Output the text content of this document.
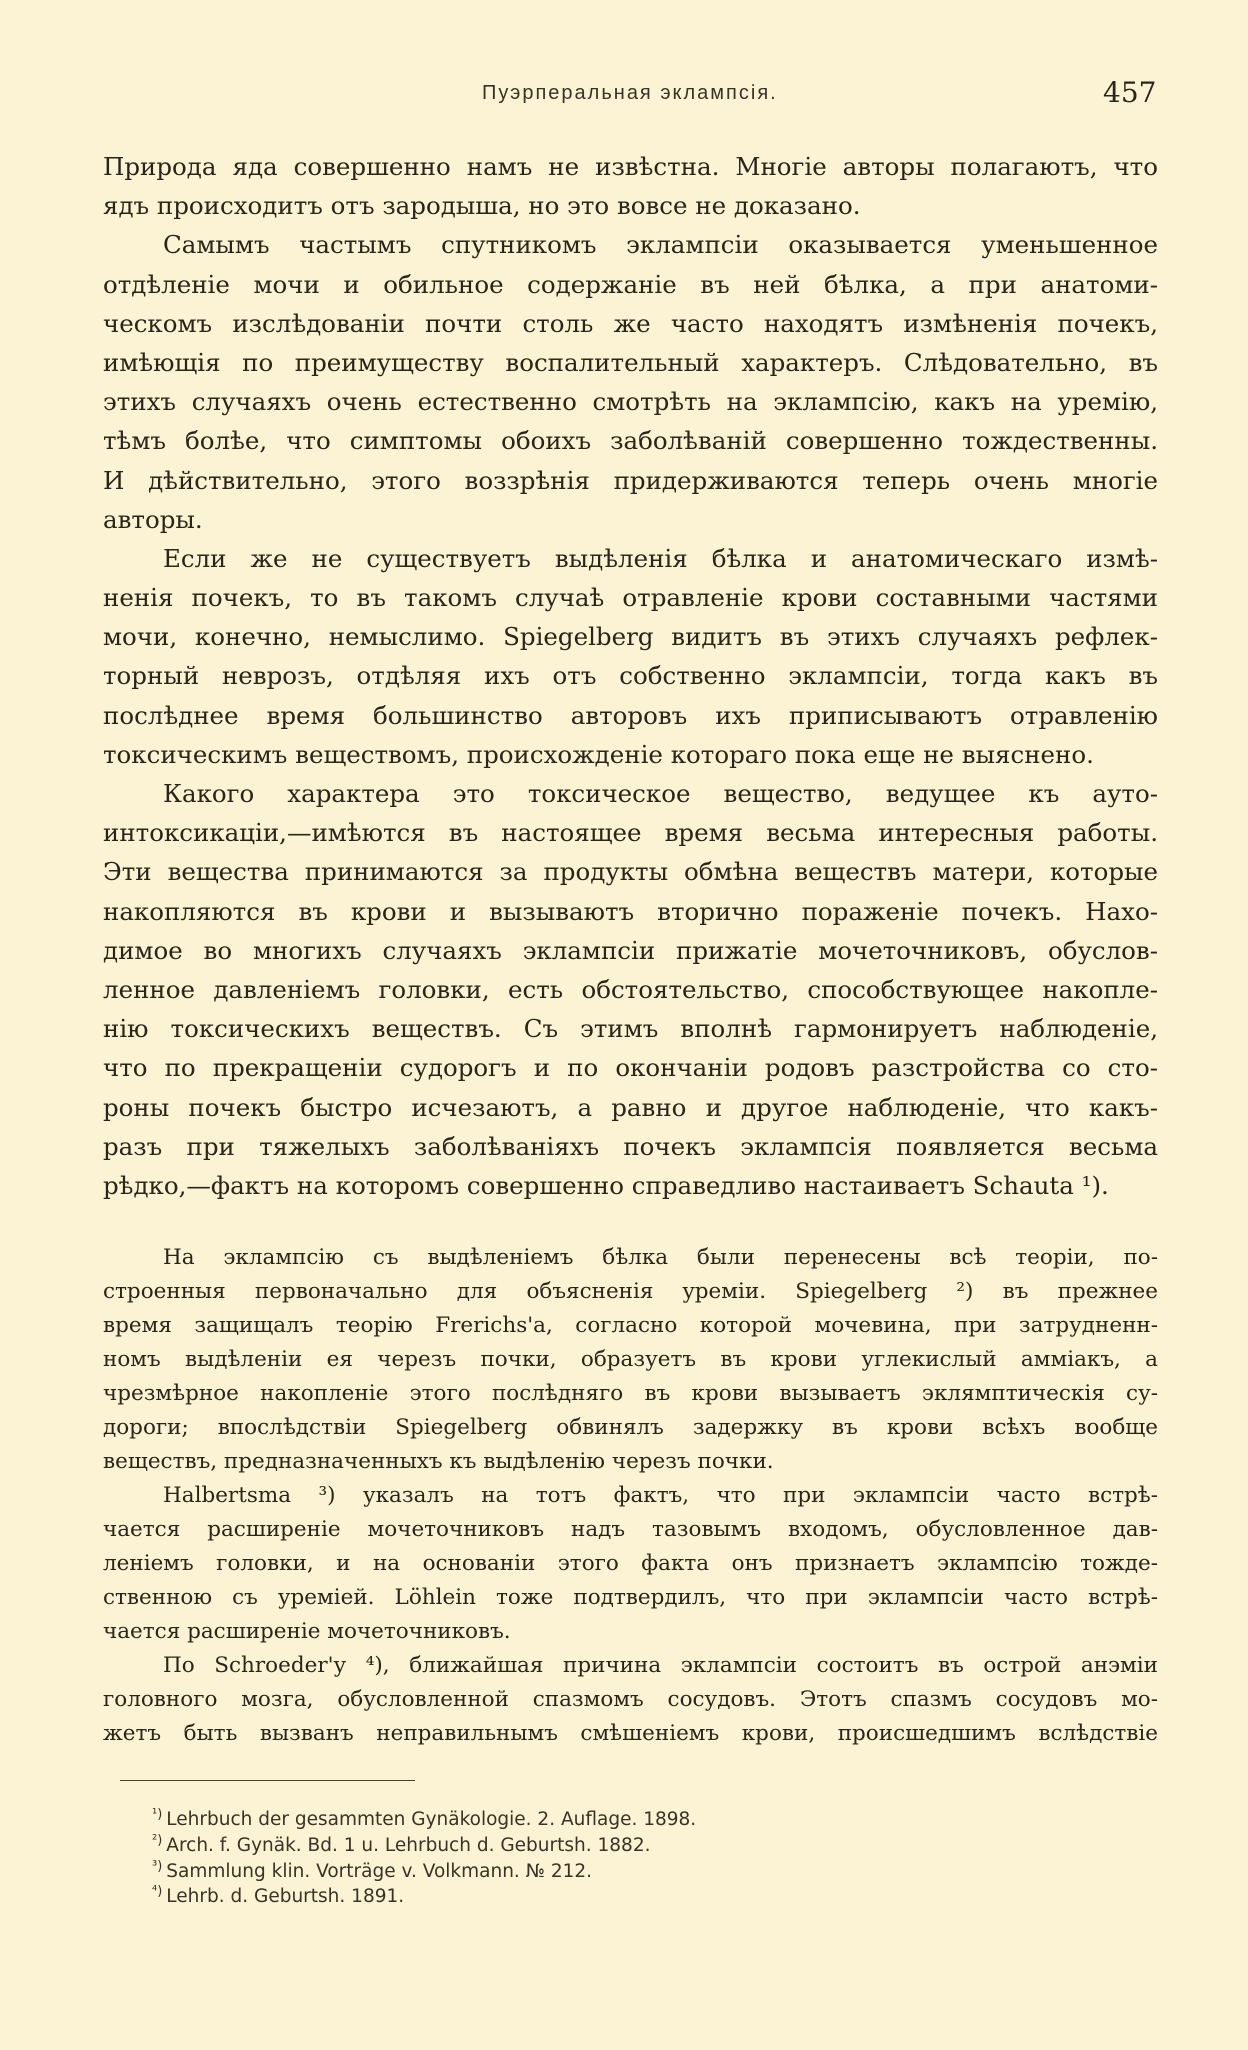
Пуэрперальная эклампсія.	457
Природа яда совершенно намъ не извѣстна. Многіе авторы полагаютъ, что
ядъ происходитъ отъ зародыша, но это вовсе не доказано.
Самымъ частымъ спутникомъ эклампсіи оказывается уменьшенное
отдѣленіе мочи и обильное содержаніе въ ней бѣлка, а при анатоми-
ческомъ изслѣдованіи почти столь же часто находятъ измѣненія почекъ,
имѣющія по преимуществу воспалительный характеръ. Слѣдовательно, въ
этихъ случаяхъ очень естественно смотрѣть на эклампсію, какъ на уремію,
тѣмъ болѣе, что симптомы обоихъ заболѣваній совершенно тождественны.
И дѣйствительно, этого воззрѣнія придерживаются теперь очень многіе
авторы.
Если же не существуетъ выдѣленія бѣлка и анатомическаго измѣ-
ненія почекъ, то въ такомъ случаѣ отравленіе крови составными частями
мочи, конечно, немыслимо. Spiegelberg видитъ въ этихъ случаяхъ рефлек-
торный неврозъ, отдѣляя ихъ отъ собственно эклампсіи, тогда какъ въ
послѣднее время большинство авторовъ ихъ приписываютъ отравленію
токсическимъ веществомъ, происхожденіе котораго пока еще не выяснено.
Какого характера это токсическое вещество, ведущее къ ауто-
интоксикаціи,—имѣются въ настоящее время весьма интересныя работы.
Эти вещества принимаются за продукты обмѣна веществъ матери, которые
накопляются въ крови и вызываютъ вторично пораженіе почекъ. Нахо-
димое во многихъ случаяхъ эклампсіи прижатіе мочеточниковъ, обуслов-
ленное давленіемъ головки, есть обстоятельство, способствующее накопле-
нію токсическихъ веществъ. Съ этимъ вполнѣ гармонируетъ наблюденіе,
что по прекращеніи судорогъ и по окончаніи родовъ разстройства со сто-
роны почекъ быстро исчезаютъ, а равно и другое наблюденіе, что какъ-
разъ при тяжелыхъ заболѣваніяхъ почекъ эклампсія появляется весьма
рѣдко,—фактъ на которомъ совершенно справедливо настаиваетъ Schauta ¹).
На эклампсію съ выдѣленіемъ бѣлка были перенесены всѣ теоріи, по-
строенныя первоначально для объясненія ypeміи. Spiegelberg ²) въ прежнее
время защищалъ теорію Frerichs'а, согласно которой мочевина, при затрудненн-
номъ выдѣленіи ея черезъ почки, образуетъ въ крови углекислый амміакъ, а
чрезмѣрное накопленіе этого послѣдняго въ крови вызываетъ эклямптическія су-
дороги; впослѣдствіи Spiegelberg обвинялъ задержку въ крови всѣхъ вообще
веществъ, предназначенныхъ къ выдѣленію черезъ почки.
Halbertsma ³) указалъ на тотъ фактъ, что при эклампсіи часто встрѣ-
чается расширеніе мочеточниковъ надъ тазовымъ входомъ, обусловленное дав-
леніемъ головки, и на основаніи этого факта онъ признаетъ эклампсію тожде-
ственною съ уреміей. Löhlein тоже подтвердилъ, что при эклампсіи часто встрѣ-
чается расширеніе мочеточниковъ.
По Schroeder'у ⁴), ближайшая причина эклампсіи состоитъ въ острой анэміи
головного мозга, обусловленной спазмомъ сосудовъ. Этотъ спазмъ сосудовъ мо-
жетъ быть вызванъ неправильнымъ смѣшеніемъ крови, происшедшимъ вслѣдствіе
$^{^1)}$ Lehrbuch der gesammten Gynäkologie. 2. Auflage. 1898.
$^{^2)}$ Arch. f. Gynäk. Bd. 1 u. Lehrbuch d. Geburtsh. 1882.
$^{^3)}$ Sammlung klin. Vorträge v. Volkmann. № 212.
$^{^4)}$ Lehrb. d. Geburtsh. 1891.
